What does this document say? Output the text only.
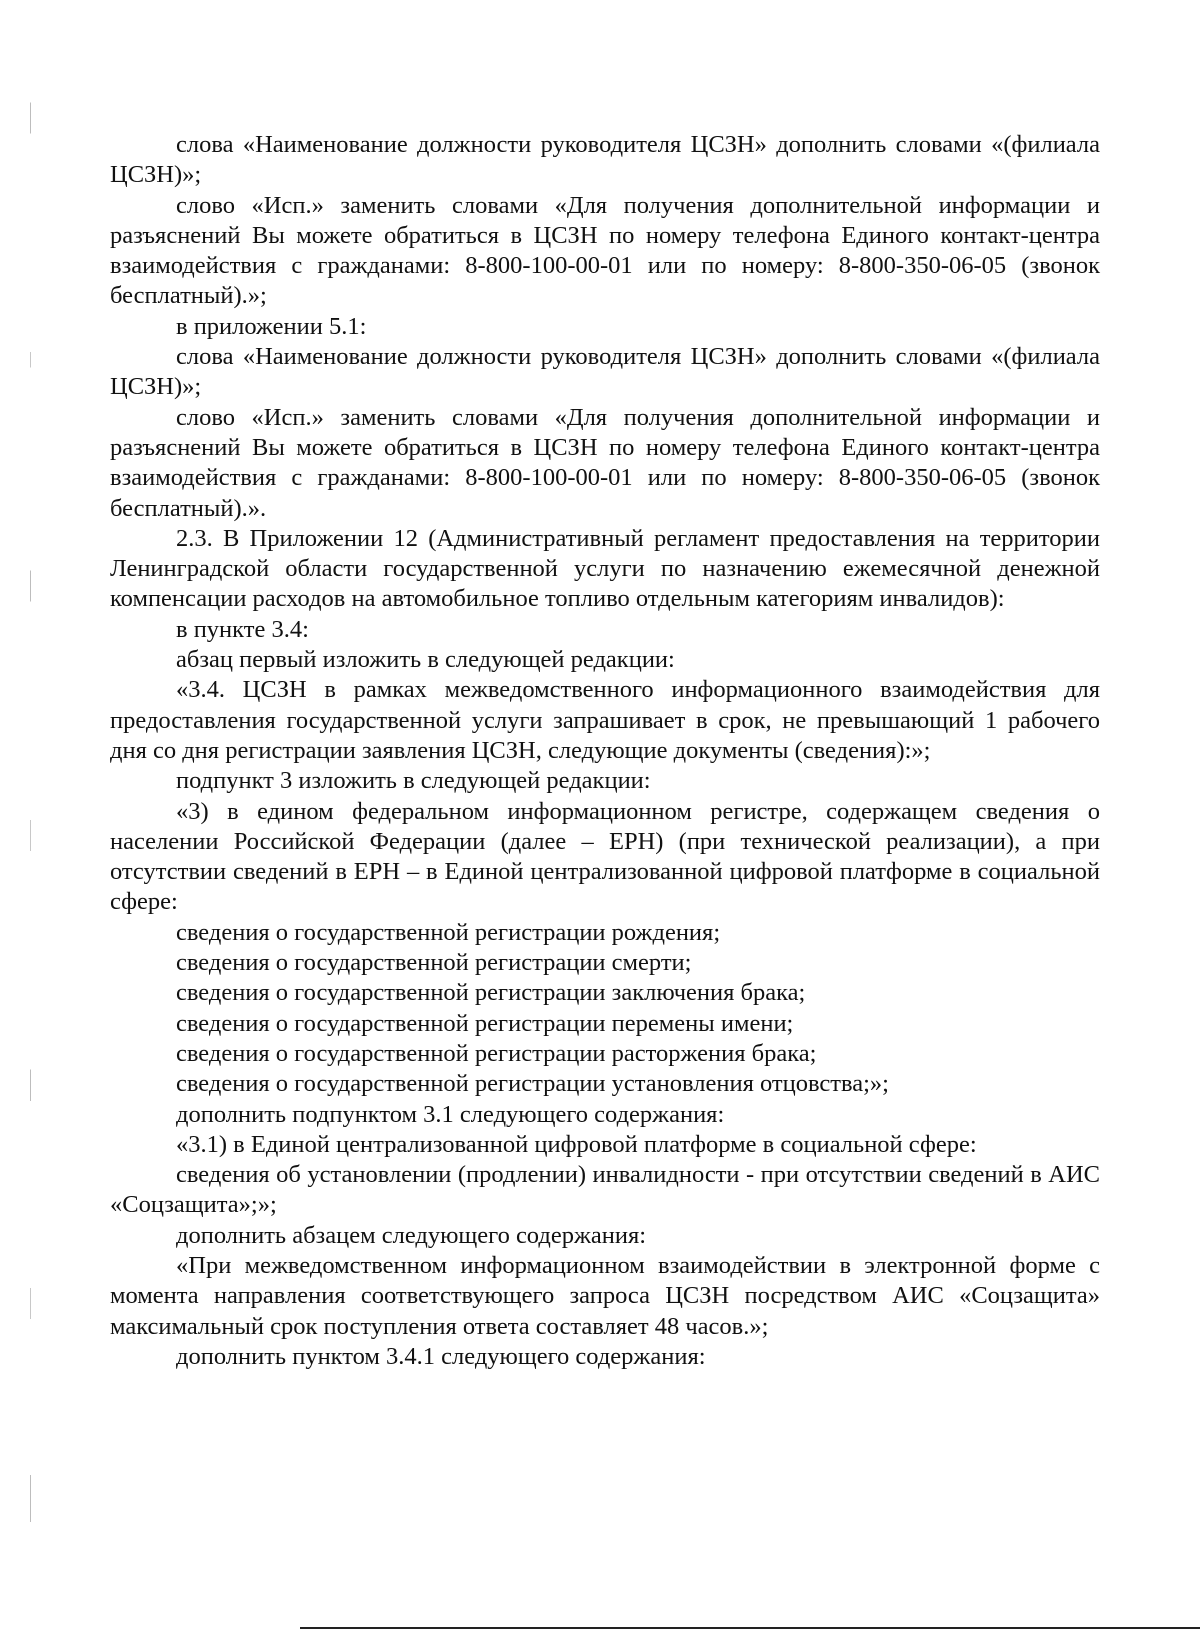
слова «Наименование должности руководителя ЦСЗН» дополнить словами «(филиала ЦСЗН)»;

слово «Исп.» заменить словами «Для получения дополнительной информации и разъяснений Вы можете обратиться в ЦСЗН по номеру телефона Единого контакт-центра взаимодействия с гражданами: 8-800-100-00-01 или по номеру: 8-800-350-06-05 (звонок бесплатный).»;

в приложении 5.1:

слова «Наименование должности руководителя ЦСЗН» дополнить словами «(филиала ЦСЗН)»;

слово «Исп.» заменить словами «Для получения дополнительной информации и разъяснений Вы можете обратиться в ЦСЗН по номеру телефона Единого контакт-центра взаимодействия с гражданами: 8-800-100-00-01 или по номеру: 8-800-350-06-05 (звонок бесплатный).».

2.3. В Приложении 12 (Административный регламент предоставления на территории Ленинградской области государственной услуги по назначению ежемесячной денежной компенсации расходов на автомобильное топливо отдельным категориям инвалидов):

в пункте 3.4:

абзац первый изложить в следующей редакции:

«3.4. ЦСЗН в рамках межведомственного информационного взаимодействия для предоставления государственной услуги запрашивает в срок, не превышающий 1 рабочего дня со дня регистрации заявления ЦСЗН, следующие документы (сведения):»;

подпункт 3 изложить в следующей редакции:

«3) в едином федеральном информационном регистре, содержащем сведения о населении Российской Федерации (далее – ЕРН) (при технической реализации), а при отсутствии сведений в ЕРН – в Единой централизованной цифровой платформе в социальной сфере:

сведения о государственной регистрации рождения;

сведения о государственной регистрации смерти;

сведения о государственной регистрации заключения брака;

сведения о государственной регистрации перемены имени;

сведения о государственной регистрации расторжения брака;

сведения о государственной регистрации установления отцовства;»;

дополнить подпунктом 3.1 следующего содержания:

«3.1) в Единой централизованной цифровой платформе в социальной сфере:

сведения об установлении (продлении) инвалидности - при отсутствии сведений в АИС «Соцзащита»;»;

дополнить абзацем следующего содержания:

«При межведомственном информационном взаимодействии в электронной форме с момента направления соответствующего запроса ЦСЗН посредством АИС «Соцзащита» максимальный срок поступления ответа составляет 48 часов.»;

дополнить пунктом 3.4.1 следующего содержания:
